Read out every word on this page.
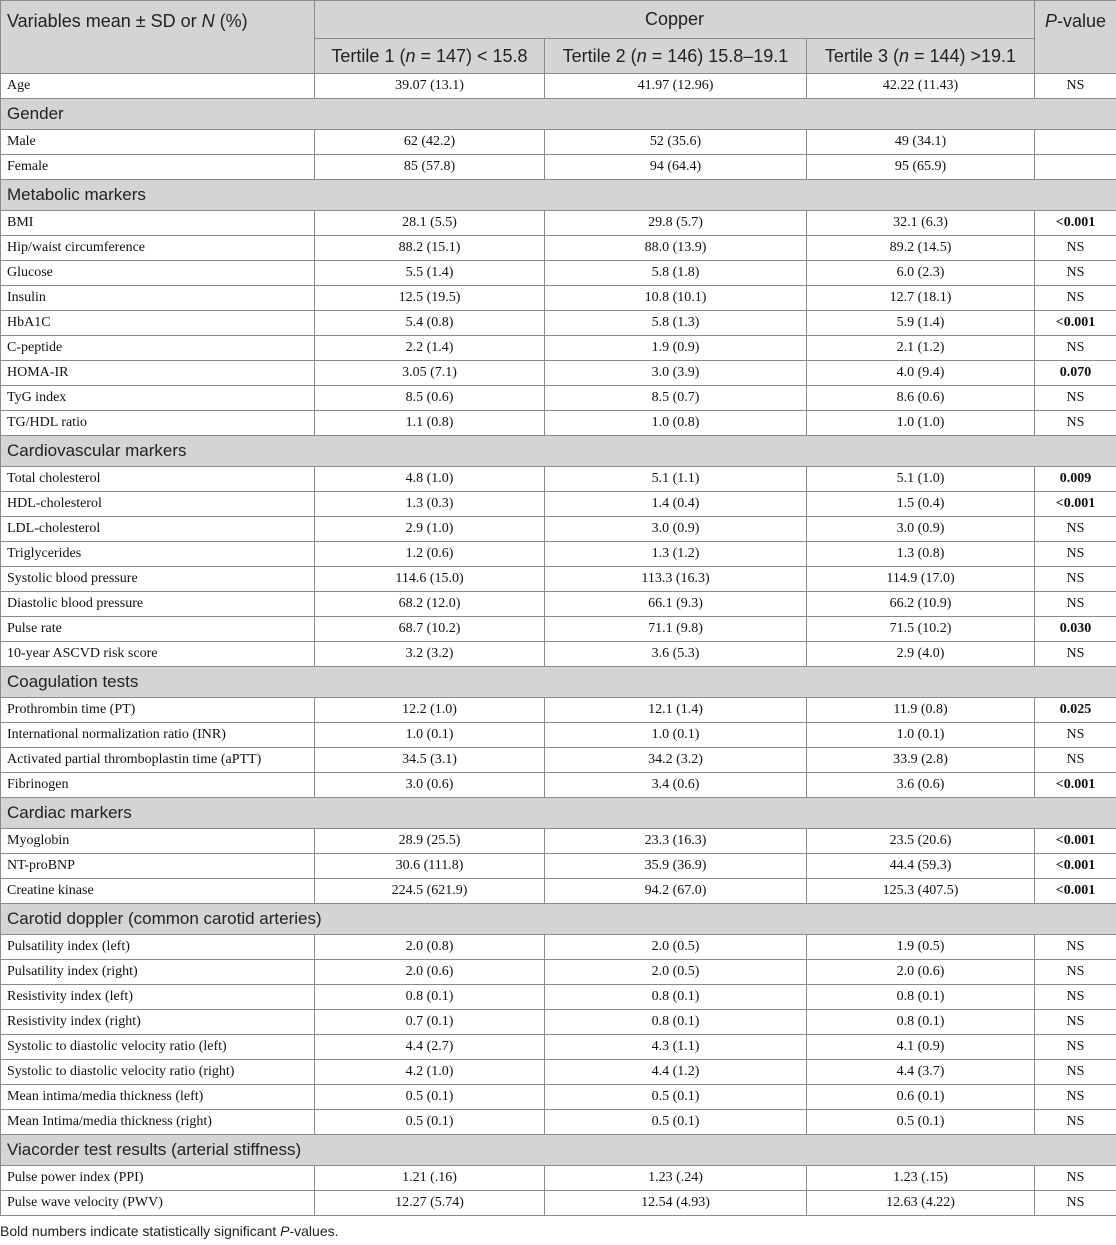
Variables mean ± SD or N (%)	Copper			P-value
	Tertile 1 (n = 147) < 15.8	Tertile 2 (n = 146) 15.8–19.1	Tertile 3 (n = 144) >19.1	
Age	39.07 (13.1)	41.97 (12.96)	42.22 (11.43)	NS
Gender				
Male	62 (42.2)	52 (35.6)	49 (34.1)	
Female	85 (57.8)	94 (64.4)	95 (65.9)	
Metabolic markers				
BMI	28.1 (5.5)	29.8 (5.7)	32.1 (6.3)	<0.001
Hip/waist circumference	88.2 (15.1)	88.0 (13.9)	89.2 (14.5)	NS
Glucose	5.5 (1.4)	5.8 (1.8)	6.0 (2.3)	NS
Insulin	12.5 (19.5)	10.8 (10.1)	12.7 (18.1)	NS
HbA1C	5.4 (0.8)	5.8 (1.3)	5.9 (1.4)	<0.001
C-peptide	2.2 (1.4)	1.9 (0.9)	2.1 (1.2)	NS
HOMA-IR	3.05 (7.1)	3.0 (3.9)	4.0 (9.4)	0.070
TyG index	8.5 (0.6)	8.5 (0.7)	8.6 (0.6)	NS
TG/HDL ratio	1.1 (0.8)	1.0 (0.8)	1.0 (1.0)	NS
Cardiovascular markers				
Total cholesterol	4.8 (1.0)	5.1 (1.1)	5.1 (1.0)	0.009
HDL-cholesterol	1.3 (0.3)	1.4 (0.4)	1.5 (0.4)	<0.001
LDL-cholesterol	2.9 (1.0)	3.0 (0.9)	3.0 (0.9)	NS
Triglycerides	1.2 (0.6)	1.3 (1.2)	1.3 (0.8)	NS
Systolic blood pressure	114.6 (15.0)	113.3 (16.3)	114.9 (17.0)	NS
Diastolic blood pressure	68.2 (12.0)	66.1 (9.3)	66.2 (10.9)	NS
Pulse rate	68.7 (10.2)	71.1 (9.8)	71.5 (10.2)	0.030
10-year ASCVD risk score	3.2 (3.2)	3.6 (5.3)	2.9 (4.0)	NS
Coagulation tests				
Prothrombin time (PT)	12.2 (1.0)	12.1 (1.4)	11.9 (0.8)	0.025
International normalization ratio (INR)	1.0 (0.1)	1.0 (0.1)	1.0 (0.1)	NS
Activated partial thromboplastin time (aPTT)	34.5 (3.1)	34.2 (3.2)	33.9 (2.8)	NS
Fibrinogen	3.0 (0.6)	3.4 (0.6)	3.6 (0.6)	<0.001
Cardiac markers				
Myoglobin	28.9 (25.5)	23.3 (16.3)	23.5 (20.6)	<0.001
NT-proBNP	30.6 (111.8)	35.9 (36.9)	44.4 (59.3)	<0.001
Creatine kinase	224.5 (621.9)	94.2 (67.0)	125.3 (407.5)	<0.001
Carotid doppler (common carotid arteries)				
Pulsatility index (left)	2.0 (0.8)	2.0 (0.5)	1.9 (0.5)	NS
Pulsatility index (right)	2.0 (0.6)	2.0 (0.5)	2.0 (0.6)	NS
Resistivity index (left)	0.8 (0.1)	0.8 (0.1)	0.8 (0.1)	NS
Resistivity index (right)	0.7 (0.1)	0.8 (0.1)	0.8 (0.1)	NS
Systolic to diastolic velocity ratio (left)	4.4 (2.7)	4.3 (1.1)	4.1 (0.9)	NS
Systolic to diastolic velocity ratio (right)	4.2 (1.0)	4.4 (1.2)	4.4 (3.7)	NS
Mean intima/media thickness (left)	0.5 (0.1)	0.5 (0.1)	0.6 (0.1)	NS
Mean Intima/media thickness (right)	0.5 (0.1)	0.5 (0.1)	0.5 (0.1)	NS
Viacorder test results (arterial stiffness)				
Pulse power index (PPI)	1.21 (.16)	1.23 (.24)	1.23 (.15)	NS
Pulse wave velocity (PWV)	12.27 (5.74)	12.54 (4.93)	12.63 (4.22)	NS

Bold numbers indicate statistically significant P-values.
